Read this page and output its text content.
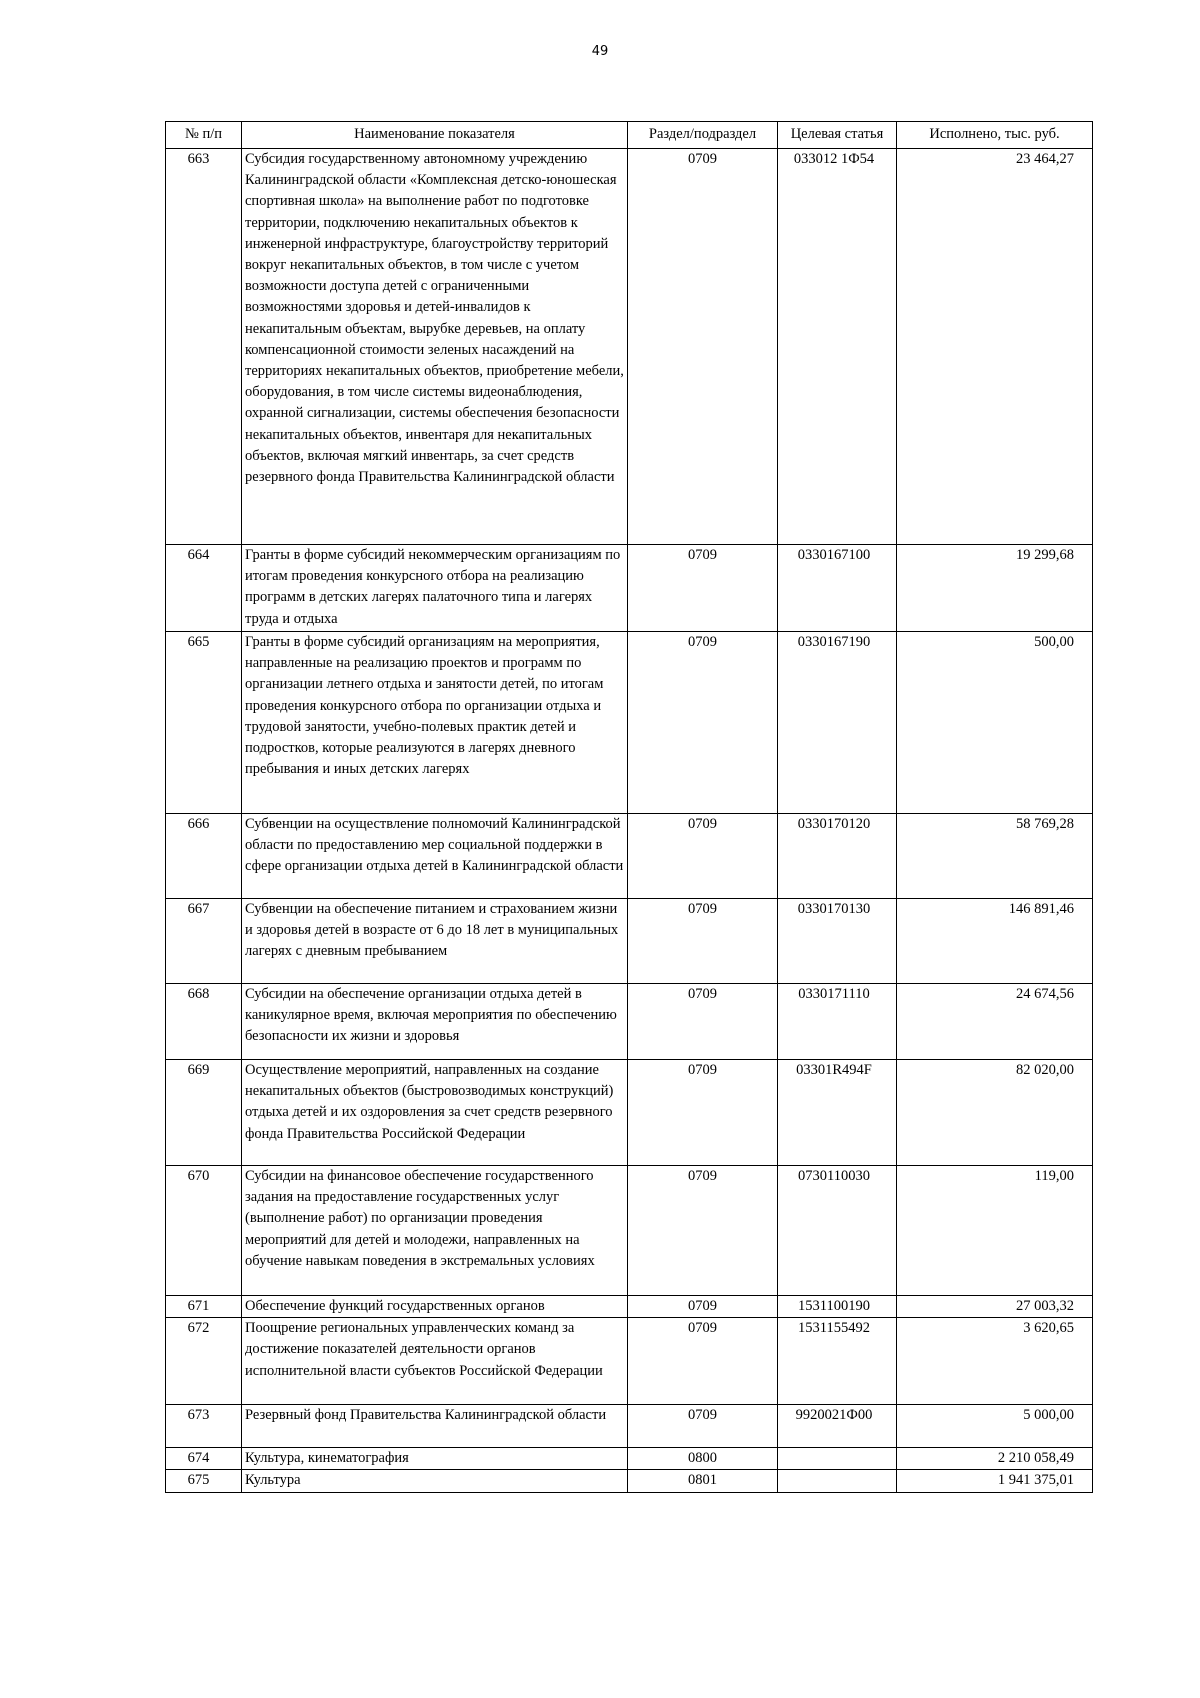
49
№ п/п	Наименование показателя	Раздел/подраздел	Целевая статья	Исполнено, тыс. руб.
663	Субсидия государственному автономному учреждению Калининградской области «Комплексная детско-юношеская спортивная школа» на выполнение работ по подготовке территории, подключению некапитальных объектов к инженерной инфраструктуре, благоустройству территорий вокруг некапитальных объектов, в том числе с учетом возможности доступа детей с ограниченными возможностями здоровья и детей-инвалидов к некапитальным объектам, вырубке деревьев, на оплату компенсационной стоимости зеленых насаждений на территориях некапитальных объектов, приобретение мебели, оборудования, в том числе системы видеонаблюдения, охранной сигнализации, системы обеспечения безопасности некапитальных объектов, инвентаря для некапитальных объектов, включая мягкий инвентарь, за счет средств резервного фонда Правительства Калининградской области	0709	033012 1Ф54	23 464,27
664	Гранты в форме субсидий некоммерческим организациям по итогам проведения конкурсного отбора на реализацию программ в детских лагерях палаточного типа и лагерях труда и отдыха	0709	0330167100	19 299,68
665	Гранты в форме субсидий организациям на мероприятия, направленные на реализацию проектов и программ по организации летнего отдыха и занятости детей, по итогам проведения конкурсного отбора по организации отдыха и трудовой занятости, учебно-полевых практик детей и подростков, которые реализуются в лагерях дневного пребывания и иных детских лагерях	0709	0330167190	500,00
666	Субвенции на осуществление полномочий Калининградской области по предоставлению мер социальной поддержки в сфере организации отдыха детей в Калининградской области	0709	0330170120	58 769,28
667	Субвенции на обеспечение питанием и страхованием жизни и здоровья детей в возрасте от 6 до 18 лет в муниципальных лагерях с дневным пребыванием	0709	0330170130	146 891,46
668	Субсидии на обеспечение организации отдыха детей в каникулярное время, включая мероприятия по обеспечению безопасности их жизни и здоровья	0709	0330171110	24 674,56
669	Осуществление мероприятий, направленных на создание некапитальных объектов (быстровозводимых конструкций) отдыха детей и их оздоровления за счет средств резервного фонда Правительства Российской Федерации	0709	03301R494F	82 020,00
670	Субсидии на финансовое обеспечение государственного задания на предоставление государственных услуг (выполнение работ) по организации проведения мероприятий для детей и молодежи, направленных на обучение навыкам поведения в экстремальных условиях	0709	0730110030	119,00
671	Обеспечение функций государственных органов	0709	1531100190	27 003,32
672	Поощрение региональных управленческих команд за достижение показателей деятельности органов исполнительной власти субъектов Российской Федерации	0709	1531155492	3 620,65
673	Резервный фонд Правительства Калининградской области	0709	9920021Ф00	5 000,00
674	Культура, кинематография	0800		2 210 058,49
675	Культура	0801		1 941 375,01
